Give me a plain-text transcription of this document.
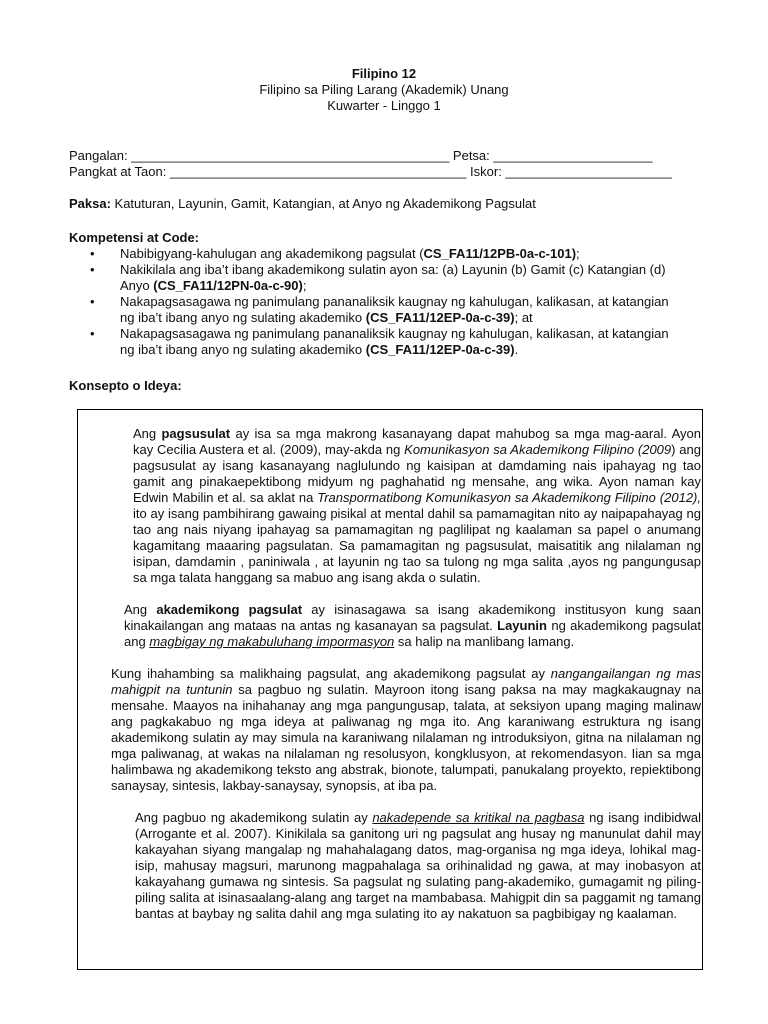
Filipino 12
Filipino sa Piling Larang (Akademik) Unang
Kuwarter - Linggo 1
Pangalan: ____________________________________________ Petsa: ______________________
Pangkat at Taon: _________________________________________ Iskor: _______________________
Paksa: Katuturan, Layunin, Gamit, Katangian, at Anyo ng Akademikong Pagsulat
Kompetensi at Code:
• Nabibigyang-kahulugan ang akademikong pagsulat (CS_FA11/12PB-0a-c-101);
• Nakikilala ang iba’t ibang akademikong sulatin ayon sa: (a) Layunin (b) Gamit (c) Katangian (d) Anyo (CS_FA11/12PN-0a-c-90);
• Nakapagsasagawa ng panimulang pananaliksik kaugnay ng kahulugan, kalikasan, at katangian ng iba’t ibang anyo ng sulating akademiko (CS_FA11/12EP-0a-c-39); at
• Nakapagsasagawa ng panimulang pananaliksik kaugnay ng kahulugan, kalikasan, at katangian ng iba’t ibang anyo ng sulating akademiko (CS_FA11/12EP-0a-c-39).
Konsepto o Ideya:

Ang pagsusulat ay isa sa mga makrong kasanayang dapat mahubog sa mga mag-aaral. Ayon kay Cecilia Austera et al. (2009), may-akda ng Komunikasyon sa Akademikong Filipino (2009) ang pagsusulat ay isang kasanayang naglulundo ng kaisipan at damdaming nais ipahayag ng tao gamit ang pinakaepektibong midyum ng paghahatid ng mensahe, ang wika. Ayon naman kay Edwin Mabilin et al. sa aklat na Transpormatibong Komunikasyon sa Akademikong Filipino (2012), ito ay isang pambihirang gawaing pisikal at mental dahil sa pamamagitan nito ay naipapahayag ng tao ang nais niyang ipahayag sa pamamagitan ng paglilipat ng kaalaman sa papel o anumang kagamitang maaaring pagsulatan. Sa pamamagitan ng pagsusulat, maisatitik ang nilalaman ng isipan, damdamin , paniniwala , at layunin ng tao sa tulong ng mga salita ,ayos ng pangungusap sa mga talata hanggang sa mabuo ang isang akda o sulatin.

Ang akademikong pagsulat ay isinasagawa sa isang akademikong institusyon kung saan kinakailangan ang mataas na antas ng kasanayan sa pagsulat. Layunin ng akademikong pagsulat ang magbigay ng makabuluhang impormasyon sa halip na manlibang lamang.

Kung ihahambing sa malikhaing pagsulat, ang akademikong pagsulat ay nangangailangan ng mas mahigpit na tuntunin sa pagbuo ng sulatin. Mayroon itong isang paksa na may magkakaugnay na mensahe. Maayos na inihahanay ang mga pangungusap, talata, at seksiyon upang maging malinaw ang pagkakabuo ng mga ideya at paliwanag ng mga ito. Ang karaniwang estruktura ng isang akademikong sulatin ay may simula na karaniwang nilalaman ng introduksiyon, gitna na nilalaman ng mga paliwanag, at wakas na nilalaman ng resolusyon, kongklusyon, at rekomendasyon. Iian sa mga halimbawa ng akademikong teksto ang abstrak, bionote, talumpati, panukalang proyekto, repiektibong sanaysay, sintesis, lakbay-sanaysay, synopsis, at iba pa.

Ang pagbuo ng akademikong sulatin ay nakadepende sa kritikal na pagbasa ng isang indibidwal (Arrogante et al. 2007). Kinikilala sa ganitong uri ng pagsulat ang husay ng manunulat dahil may kakayahan siyang mangalap ng mahahalagang datos, mag-organisa ng mga ideya, lohikal mag-isip, mahusay magsuri, marunong magpahalaga sa orihinalidad ng gawa, at may inobasyon at kakayahang gumawa ng sintesis. Sa pagsulat ng sulating pang-akademiko, gumagamit ng piling-piling salita at isinasaalang-alang ang target na mambabasa. Mahigpit din sa paggamit ng tamang bantas at baybay ng salita dahil ang mga sulating ito ay nakatuon sa pagbibigay ng kaalaman.
